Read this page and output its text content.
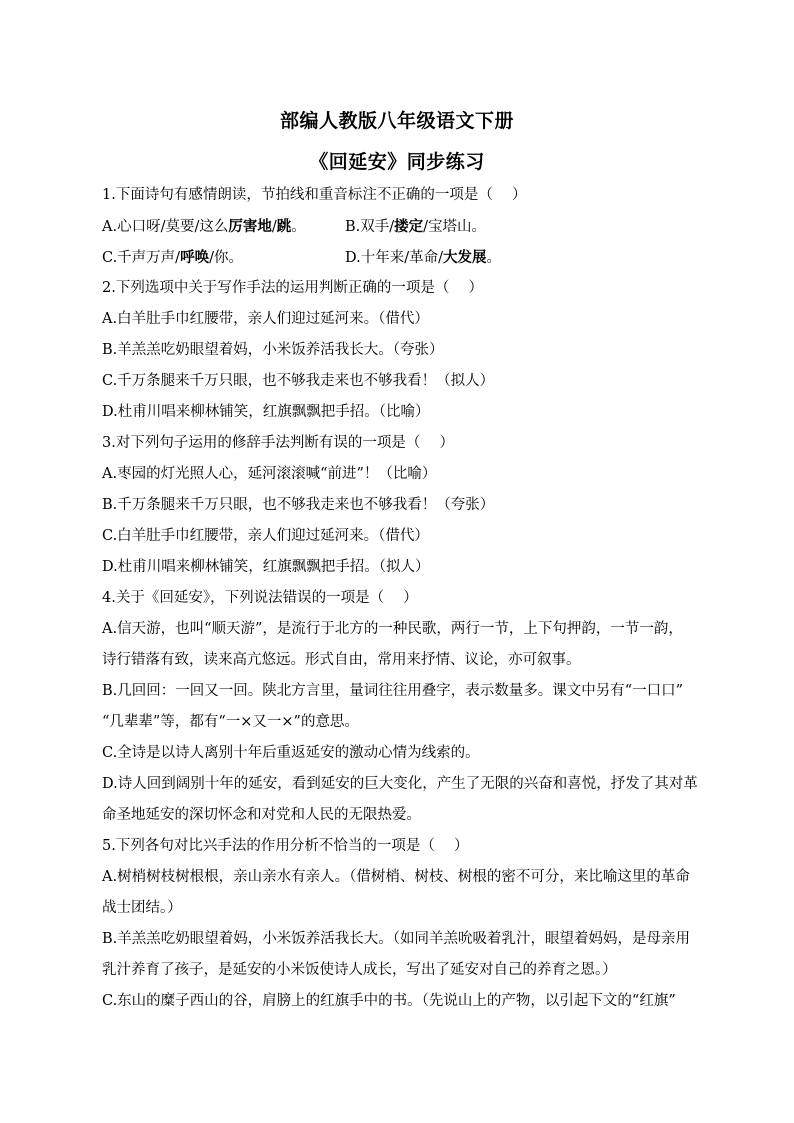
部编人教版八年级语文下册
《回延安》同步练习
1.下面诗句有感情朗读，节拍线和重音标注不正确的一项是（　 ）
A.心口呀/莫要/这么厉害地/跳。	B.双手/搂定/宝塔山。
C.千声万声/呼唤/你。	D.十年来/革命/大发展。
2.下列选项中关于写作手法的运用判断正确的一项是（　 ）
A.白羊肚手巾红腰带，亲人们迎过延河来。（借代）
B.羊羔羔吃奶眼望着妈，小米饭养活我长大。（夸张）
C.千万条腿来千万只眼，也不够我走来也不够我看！（拟人）
D.杜甫川唱来柳林铺笑，红旗飘飘把手招。（比喻）
3.对下列句子运用的修辞手法判断有误的一项是（　 ）
A.枣园的灯光照人心，延河滚滚喊“前进”！（比喻）
B.千万条腿来千万只眼，也不够我走来也不够我看！（夸张）
C.白羊肚手巾红腰带，亲人们迎过延河来。（借代）
D.杜甫川唱来柳林铺笑，红旗飘飘把手招。（拟人）
4.关于《回延安》，下列说法错误的一项是（　 ）
A.信天游，也叫“顺天游”，是流行于北方的一种民歌，两行一节，上下句押韵，一节一韵，
诗行错落有致，读来高亢悠远。形式自由，常用来抒情、议论，亦可叙事。
B.几回回：一回又一回。陕北方言里，量词往往用叠字，表示数量多。课文中另有“一口口”
“几辈辈”等，都有“一×又一×”的意思。
C.全诗是以诗人离别十年后重返延安的激动心情为线索的。
D.诗人回到阔别十年的延安，看到延安的巨大变化，产生了无限的兴奋和喜悦，抒发了其对革
命圣地延安的深切怀念和对党和人民的无限热爱。
5.下列各句对比兴手法的作用分析不恰当的一项是（　 ）
A.树梢树枝树根根，亲山亲水有亲人。（借树梢、树枝、树根的密不可分，来比喻这里的革命
战士团结。）
B.羊羔羔吃奶眼望着妈，小米饭养活我长大。（如同羊羔吮吸着乳汁，眼望着妈妈，是母亲用
乳汁养育了孩子，是延安的小米饭使诗人成长，写出了延安对自己的养育之恩。）
C.东山的糜子西山的谷，肩膀上的红旗手中的书。（先说山上的产物，以引起下文的“红旗”
